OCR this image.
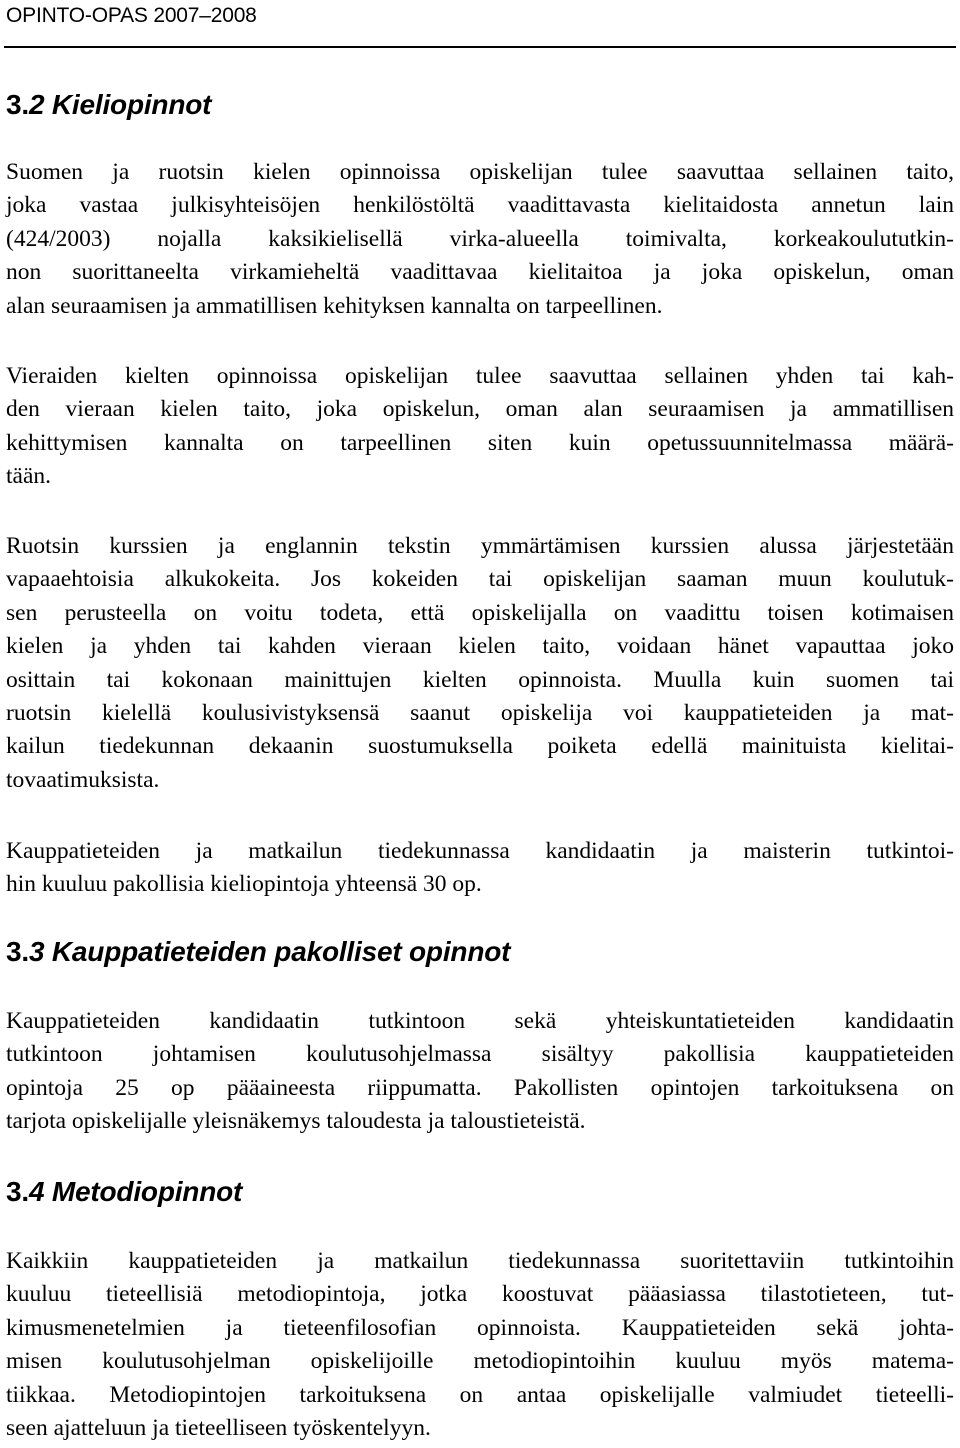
OPINTO-OPAS 2007–2008
3.2 Kieliopinnot
Suomen ja ruotsin kielen opinnoissa opiskelijan tulee saavuttaa sellainen taito,
joka vastaa julkisyhteisöjen henkilöstöltä vaadittavasta kielitaidosta annetun lain
(424/2003) nojalla kaksikielisellä virka-alueella toimivalta, korkeakoulututkin-
non suorittaneelta virkamieheltä vaadittavaa kielitaitoa ja joka opiskelun, oman
alan seuraamisen ja ammatillisen kehityksen kannalta on tarpeellinen.
Vieraiden kielten opinnoissa opiskelijan tulee saavuttaa sellainen yhden tai kah-
den vieraan kielen taito, joka opiskelun, oman alan seuraamisen ja ammatillisen
kehittymisen kannalta on tarpeellinen siten kuin opetussuunnitelmassa määrä-
tään.
Ruotsin kurssien ja englannin tekstin ymmärtämisen kurssien alussa järjestetään
vapaaehtoisia alkukokeita. Jos kokeiden tai opiskelijan saaman muun koulutuk-
sen perusteella on voitu todeta, että opiskelijalla on vaadittu toisen kotimaisen
kielen ja yhden tai kahden vieraan kielen taito, voidaan hänet vapauttaa joko
osittain tai kokonaan mainittujen kielten opinnoista. Muulla kuin suomen tai
ruotsin kielellä koulusivistyksensä saanut opiskelija voi kauppatieteiden ja mat-
kailun tiedekunnan dekaanin suostumuksella poiketa edellä mainituista kielitai-
tovaatimuksista.
Kauppatieteiden ja matkailun tiedekunnassa kandidaatin ja maisterin tutkintoi-
hin kuuluu pakollisia kieliopintoja yhteensä 30 op.
3.3 Kauppatieteiden pakolliset opinnot
Kauppatieteiden kandidaatin tutkintoon sekä yhteiskuntatieteiden kandidaatin
tutkintoon johtamisen koulutusohjelmassa sisältyy pakollisia kauppatieteiden
opintoja 25 op pääaineesta riippumatta. Pakollisten opintojen tarkoituksena on
tarjota opiskelijalle yleisnäkemys taloudesta ja taloustieteistä.
3.4 Metodiopinnot
Kaikkiin kauppatieteiden ja matkailun tiedekunnassa suoritettaviin tutkintoihin
kuuluu tieteellisiä metodiopintoja, jotka koostuvat pääasiassa tilastotieteen, tut-
kimusmenetelmien ja tieteenfilosofian opinnoista. Kauppatieteiden sekä johta-
misen koulutusohjelman opiskelijoille metodiopintoihin kuuluu myös matema-
tiikkaa. Metodiopintojen tarkoituksena on antaa opiskelijalle valmiudet tieteelli-
seen ajatteluun ja tieteelliseen työskentelyyn.
